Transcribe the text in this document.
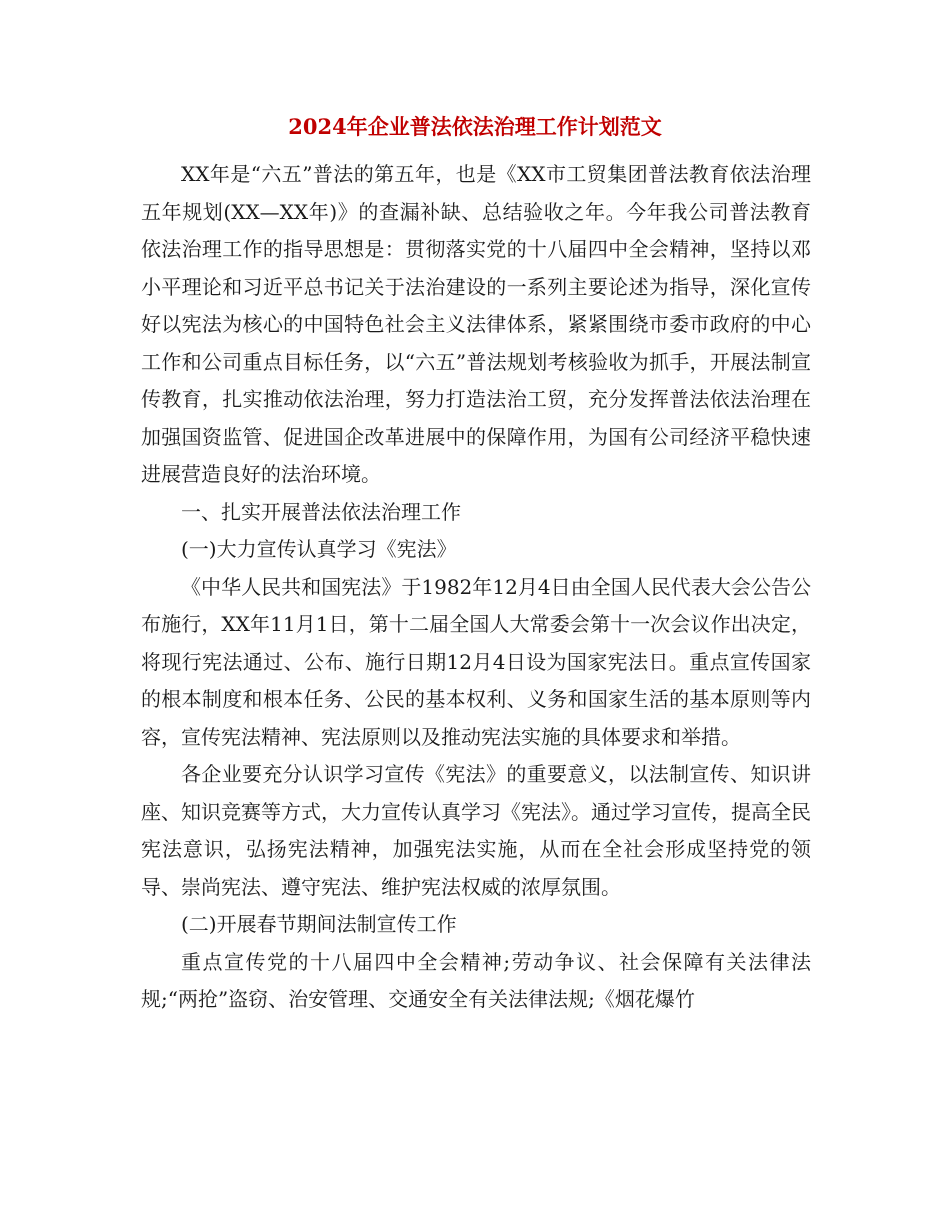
2024年企业普法依法治理工作计划范文

XX年是“六五”普法的第五年，也是《XX市工贸集团普法教育依法治理五年规划(XX—XX年)》的查漏补缺、总结验收之年。今年我公司普法教育依法治理工作的指导思想是：贯彻落实党的十八届四中全会精神，坚持以邓小平理论和习近平总书记关于法治建设的一系列主要论述为指导，深化宣传好以宪法为核心的中国特色社会主义法律体系，紧紧围绕市委市政府的中心工作和公司重点目标任务，以“六五”普法规划考核验收为抓手，开展法制宣传教育，扎实推动依法治理，努力打造法治工贸，充分发挥普法依法治理在加强国资监管、促进国企改革进展中的保障作用，为国有公司经济平稳快速进展营造良好的法治环境。

一、扎实开展普法依法治理工作

(一)大力宣传认真学习《宪法》

《中华人民共和国宪法》于1982年12月4日由全国人民代表大会公告公布施行，XX年11月1日，第十二届全国人大常委会第十一次会议作出决定，将现行宪法通过、公布、施行日期12月4日设为国家宪法日。重点宣传国家的根本制度和根本任务、公民的基本权利、义务和国家生活的基本原则等内容，宣传宪法精神、宪法原则以及推动宪法实施的具体要求和举措。

各企业要充分认识学习宣传《宪法》的重要意义，以法制宣传、知识讲座、知识竞赛等方式，大力宣传认真学习《宪法》。通过学习宣传，提高全民宪法意识，弘扬宪法精神，加强宪法实施，从而在全社会形成坚持党的领导、崇尚宪法、遵守宪法、维护宪法权威的浓厚氛围。

(二)开展春节期间法制宣传工作

重点宣传党的十八届四中全会精神;劳动争议、社会保障有关法律法规;“两抢”盗窃、治安管理、交通安全有关法律法规;《烟花爆竹
